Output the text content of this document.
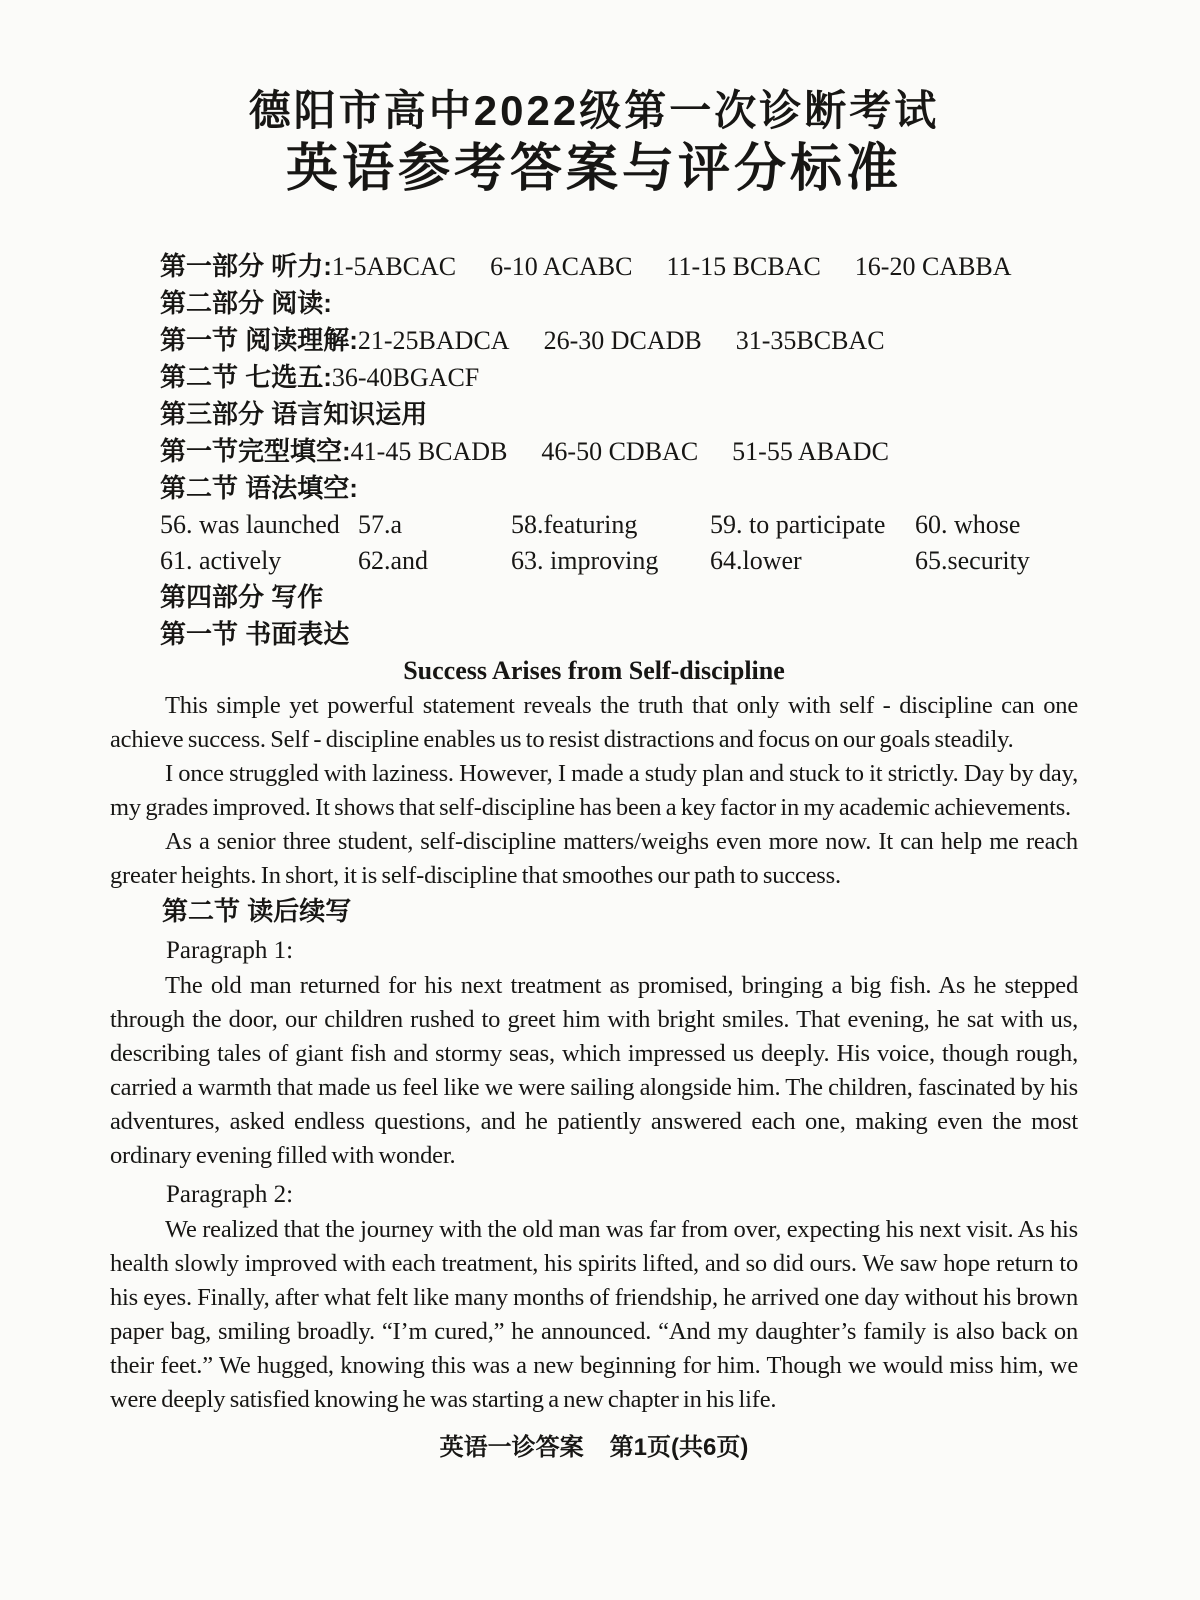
德阳市高中2022级第一次诊断考试
英语参考答案与评分标准
第一部分 听力:1-5ABCAC 6-10 ACABC 11-15 BCBAC 16-20 CABBA
第二部分 阅读:
第一节 阅读理解:21-25BADCA 26-30 DCADB 31-35BCBAC
第二节 七选五:36-40BGACF
第三部分 语言知识运用
第一节完型填空:41-45 BCADB 46-50 CDBAC 51-55 ABADC
第二节 语法填空:
56. was launched 57.a	58.featuring	59. to participate	60. whose
61. actively	62.and	63. improving	64.lower	65.security
第四部分 写作
第一节 书面表达

Success Arises from Self-discipline

This simple yet powerful statement reveals the truth that only with self - discipline can one achieve success. Self - discipline enables us to resist distractions and focus on our goals steadily.

I once struggled with laziness. However, I made a study plan and stuck to it strictly. Day by day, my grades improved. It shows that self-discipline has been a key factor in my academic achievements.

As a senior three student, self-discipline matters/weighs even more now. It can help me reach greater heights. In short, it is self-discipline that smoothes our path to success.

第二节 读后续写
Paragraph 1:

The old man returned for his next treatment as promised, bringing a big fish. As he stepped through the door, our children rushed to greet him with bright smiles. That evening, he sat with us, describing tales of giant fish and stormy seas, which impressed us deeply. His voice, though rough, carried a warmth that made us feel like we were sailing alongside him. The children, fascinated by his adventures, asked endless questions, and he patiently answered each one, making even the most ordinary evening filled with wonder.

Paragraph 2:

We realized that the journey with the old man was far from over, expecting his next visit. As his health slowly improved with each treatment, his spirits lifted, and so did ours. We saw hope return to his eyes. Finally, after what felt like many months of friendship, he arrived one day without his brown paper bag, smiling broadly. “I’m cured,” he announced. “And my daughter’s family is also back on their feet.” We hugged, knowing this was a new beginning for him. Though we would miss him, we were deeply satisfied knowing he was starting a new chapter in his life.

英语一诊答案 第1页(共6页)
